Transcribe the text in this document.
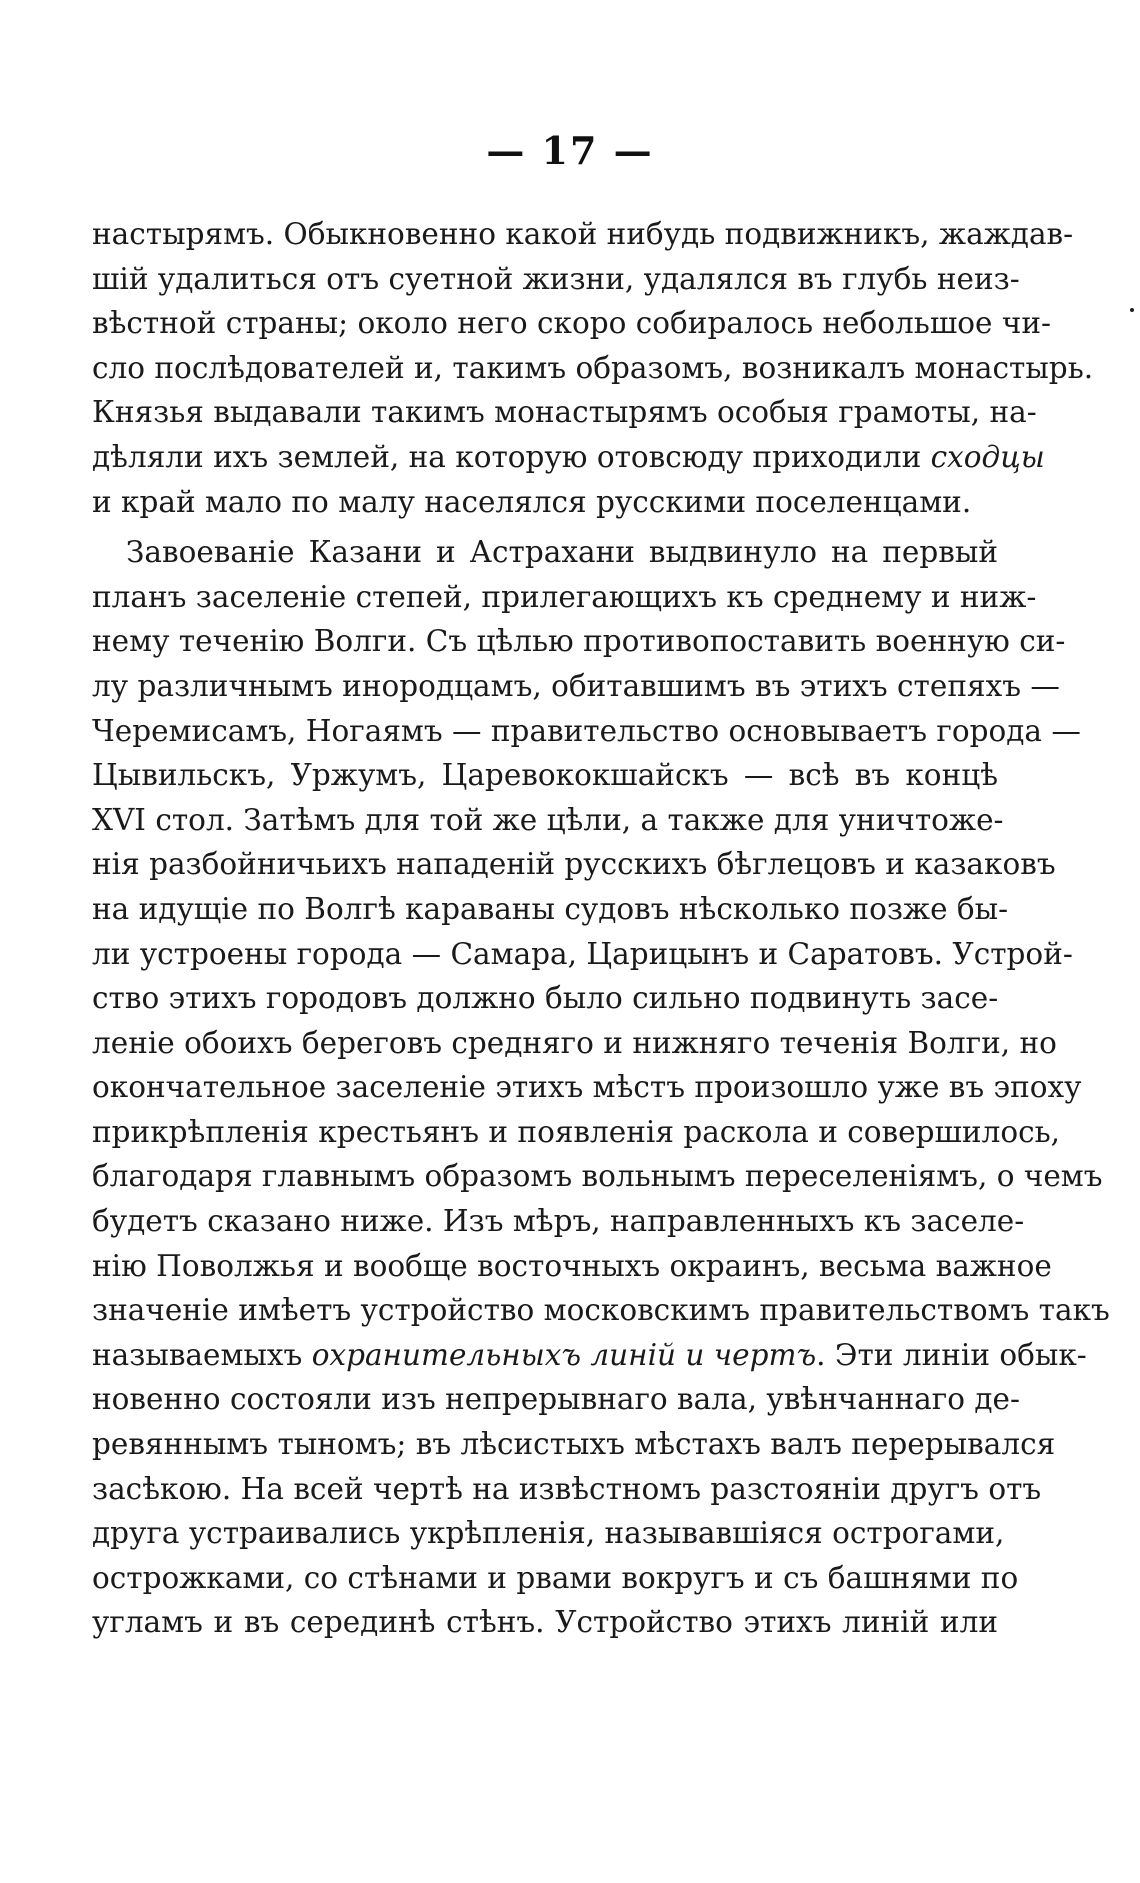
— 17 —
настырямъ. Обыкновенно какой нибудь подвижникъ, жаждав-
шій удалиться отъ суетной жизни, удалялся въ глубь неиз-
вѣстной страны; около него скоро собиралось небольшое чи-
сло послѣдователей и, такимъ образомъ, возникалъ монастырь.
Князья выдавали такимъ монастырямъ особыя грамоты, на-
дѣляли ихъ землей, на которую отовсюду приходили сходцы
и край мало по малу населялся русскими поселенцами.
Завоеваніе Казани и Астрахани выдвинуло на первый
планъ заселеніе степей, прилегающихъ къ среднему и ниж-
нему теченію Волги. Съ цѣлью противопоставить военную си-
лу различнымъ инородцамъ, обитавшимъ въ этихъ степяхъ —
Черемисамъ, Ногаямъ — правительство основываетъ города —
Цывильскъ, Уржумъ, Царевококшайскъ — всѣ въ концѣ
XVI стол. Затѣмъ для той же цѣли, а также для уничтоже-
нія разбойничьихъ нападеній русскихъ бѣглецовъ и казаковъ
на идущіе по Волгѣ караваны судовъ нѣсколько позже бы-
ли устроены города — Самара, Царицынъ и Саратовъ. Устрой-
ство этихъ городовъ должно было сильно подвинуть засе-
леніе обоихъ береговъ средняго и нижняго теченія Волги, но
окончательное заселеніе этихъ мѣстъ произошло уже въ эпоху
прикрѣпленія крестьянъ и появленія раскола и совершилось,
благодаря главнымъ образомъ вольнымъ переселеніямъ, о чемъ
будетъ сказано ниже. Изъ мѣръ, направленныхъ къ заселе-
нію Поволжья и вообще восточныхъ окраинъ, весьма важное
значеніе имѣетъ устройство московскимъ правительствомъ такъ
называемыхъ охранительныхъ линій и чертъ. Эти линіи обык-
новенно состояли изъ непрерывнаго вала, увѣнчаннаго де-
ревяннымъ тыномъ; въ лѣсистыхъ мѣстахъ валъ перерывался
засѣкою. На всей чертѣ на извѣстномъ разстояніи другъ отъ
друга устраивались укрѣпленія, называвшіяся острогами,
острожками, со стѣнами и рвами вокругъ и съ башнями по
угламъ и въ серединѣ стѣнъ. Устройство этихъ линій или
